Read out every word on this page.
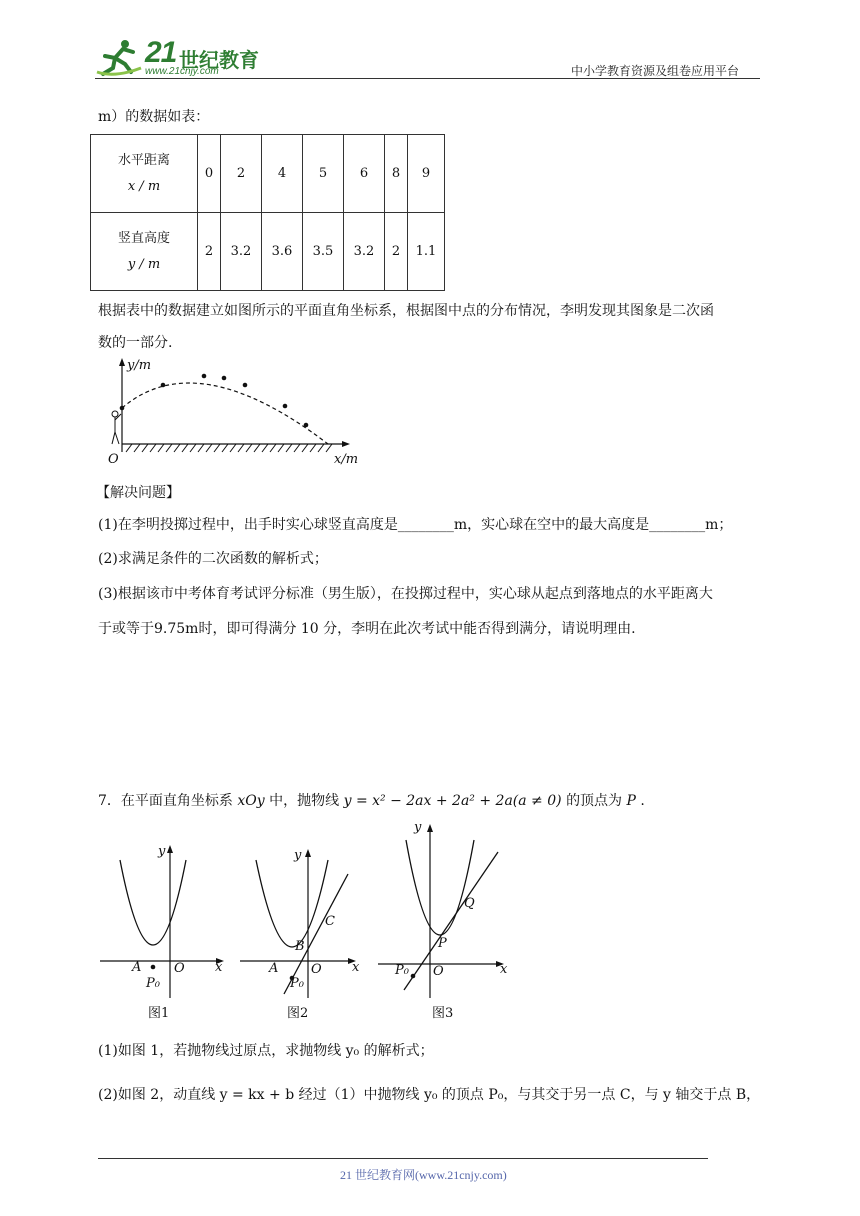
21 世纪教育
www.21cnjy.com	中小学教育资源及组卷应用平台
m）的数据如表：
水平距离
x / m	0	2	4	5	6	8	9

竖直高度
y / m	2	3.2	3.6	3.5	3.2	2	1.1
根据表中的数据建立如图所示的平面直角坐标系，根据图中点的分布情况，李明发现其图象是二次函
数的一部分.
y/m
x/m
O
【解决问题】
(1)在李明投掷过程中，出手时实心球竖直高度是________m，实心球在空中的最大高度是________m；
(2)求满足条件的二次函数的解析式；
(3)根据该市中考体育考试评分标准（男生版），在投掷过程中，实心球从起点到落地点的水平距离大
于或等于9.75m时，即可得满分 10 分，李明在此次考试中能否得到满分，请说明理由.
7．在平面直角坐标系 xOy 中，抛物线 y = x² − 2ax + 2a² + 2a(a ≠ 0) 的顶点为 P .
y
x
O
A
P₀
图1
y
x
C
B
O
A
P₀
图2
y
x
Q
P
O
P₀
图3
(1)如图 1，若抛物线过原点，求抛物线 y₀ 的解析式；
(2)如图 2，动直线 y = kx + b 经过（1）中抛物线 y₀ 的顶点 P₀，与其交于另一点 C，与 y 轴交于点 B，
21 世纪教育网(www.21cnjy.com)
